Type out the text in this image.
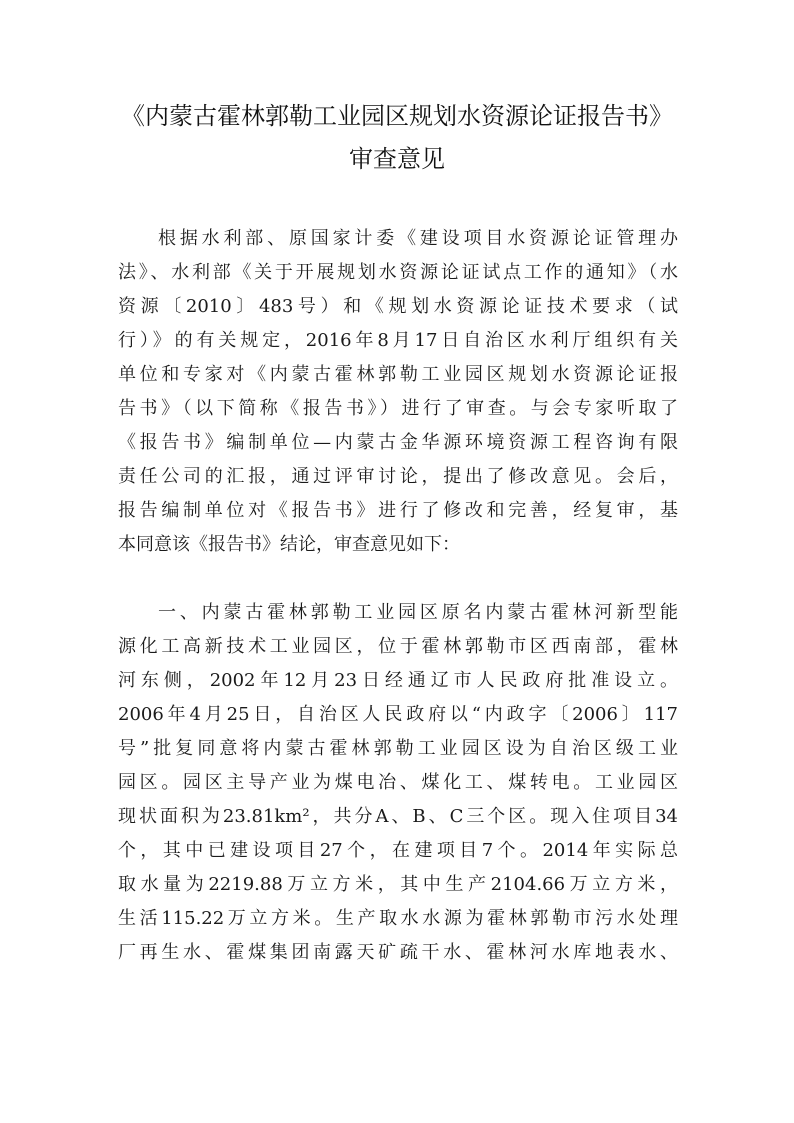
《内蒙古霍林郭勒工业园区规划水资源论证报告书》
审查意见
根据水利部、原国家计委《建设项目水资源论证管理办
法》、水利部《关于开展规划水资源论证试点工作的通知》（水
资源〔2010〕483号）和《规划水资源论证技术要求（试
行）》的有关规定，2016年8月17日自治区水利厅组织有关
单位和专家对《内蒙古霍林郭勒工业园区规划水资源论证报
告书》（以下简称《报告书》）进行了审查。与会专家听取了
《报告书》编制单位—内蒙古金华源环境资源工程咨询有限
责任公司的汇报，通过评审讨论，提出了修改意见。会后，
报告编制单位对《报告书》进行了修改和完善，经复审，基
本同意该《报告书》结论，审查意见如下：
一、内蒙古霍林郭勒工业园区原名内蒙古霍林河新型能
源化工高新技术工业园区，位于霍林郭勒市区西南部，霍林
河东侧，2002年12月23日经通辽市人民政府批准设立。
2006年4月25日，自治区人民政府以“内政字〔2006〕117
号”批复同意将内蒙古霍林郭勒工业园区设为自治区级工业
园区。园区主导产业为煤电冶、煤化工、煤转电。工业园区
现状面积为23.81km²，共分A、B、C三个区。现入住项目34
个，其中已建设项目27个，在建项目7个。2014年实际总
取水量为2219.88万立方米，其中生产2104.66万立方米，
生活115.22万立方米。生产取水水源为霍林郭勒市污水处理
厂再生水、霍煤集团南露天矿疏干水、霍林河水库地表水、
